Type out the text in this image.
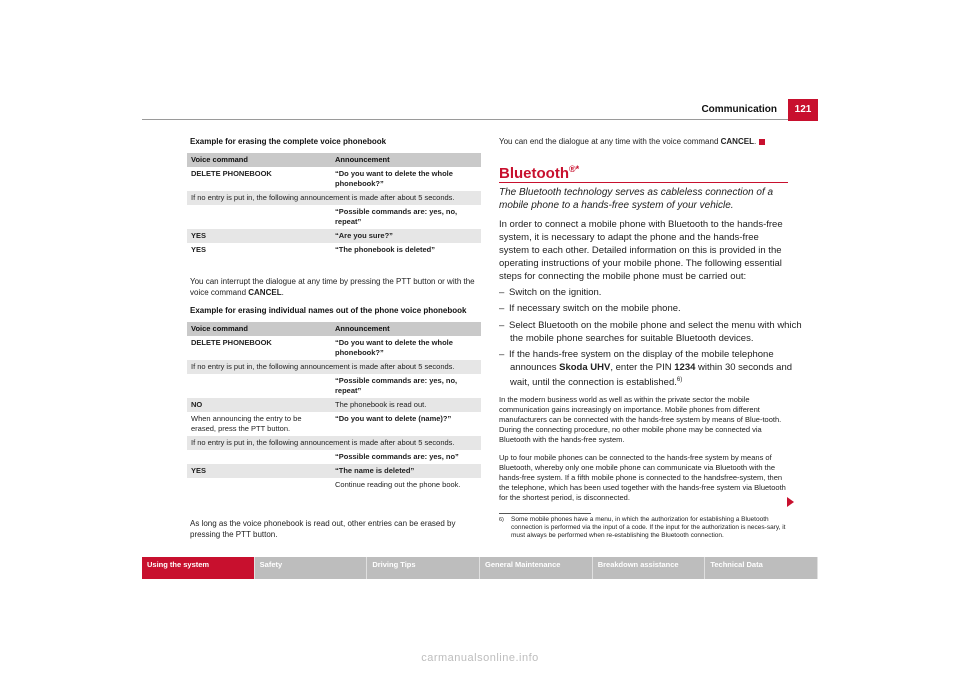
Communication	121
Example for erasing the complete voice phonebook
Voice command	Announcement
DELETE PHONEBOOK	“Do you want to delete the whole phonebook?”
If no entry is put in, the following announcement is made after about 5 seconds.	
	“Possible commands are: yes, no, repeat”
YES	“Are you sure?”
YES	“The phonebook is deleted”
You can interrupt the dialogue at any time by pressing the PTT button or with the voice command CANCEL.
Example for erasing individual names out of the phone voice phonebook
Voice command	Announcement
DELETE PHONEBOOK	“Do you want to delete the whole phonebook?”
If no entry is put in, the following announcement is made after about 5 seconds.	
	“Possible commands are: yes, no, repeat”
NO	The phonebook is read out.
When announcing the entry to be erased, press the PTT button.	“Do you want to delete (name)?”
If no entry is put in, the following announcement is made after about 5 seconds.	
	“Possible commands are: yes, no”
YES	“The name is deleted”
	Continue reading out the phone book.
As long as the voice phonebook is read out, other entries can be erased by pressing the PTT button.
You can end the dialogue at any time with the voice command CANCEL.
Bluetooth®*
The Bluetooth technology serves as cableless connection of a mobile phone to a hands-free system of your vehicle.
In order to connect a mobile phone with Bluetooth to the hands-free system, it is necessary to adapt the phone and the hands-free system to each other. Detailed information on this is provided in the operating instructions of your mobile phone. The following essential steps for connecting the mobile phone must be carried out:
– Switch on the ignition.
– If necessary switch on the mobile phone.
– Select Bluetooth on the mobile phone and select the menu with which the mobile phone searches for suitable Bluetooth devices.
– If the hands-free system on the display of the mobile telephone announces Skoda UHV, enter the PIN 1234 within 30 seconds and wait, until the connection is established.$^{6)}$
In the modern business world as well as within the private sector the mobile communication gains increasingly on importance. Mobile phones from different manufacturers can be connected with the hands-free system by means of Blue-tooth. During the connecting procedure, no other mobile phone may be connected via Bluetooth with the hands-free system.
Up to four mobile phones can be connected to the hands-free system by means of Bluetooth, whereby only one mobile phone can communicate via Bluetooth with the hands-free system. If a fifth mobile phone is connected to the handsfree-system, then the telephone, which has been used together with the hands-free system via Bluetooth for the shortest period, is disconnected.
6) Some mobile phones have a menu, in which the authorization for establishing a Bluetooth connection is performed via the input of a code. If the input for the authorization is neces-sary, it must always be performed when re-establishing the Bluetooth connection.
Using the system	Safety	Driving Tips	General Maintenance	Breakdown assistance	Technical Data
carmanualsonline.info
